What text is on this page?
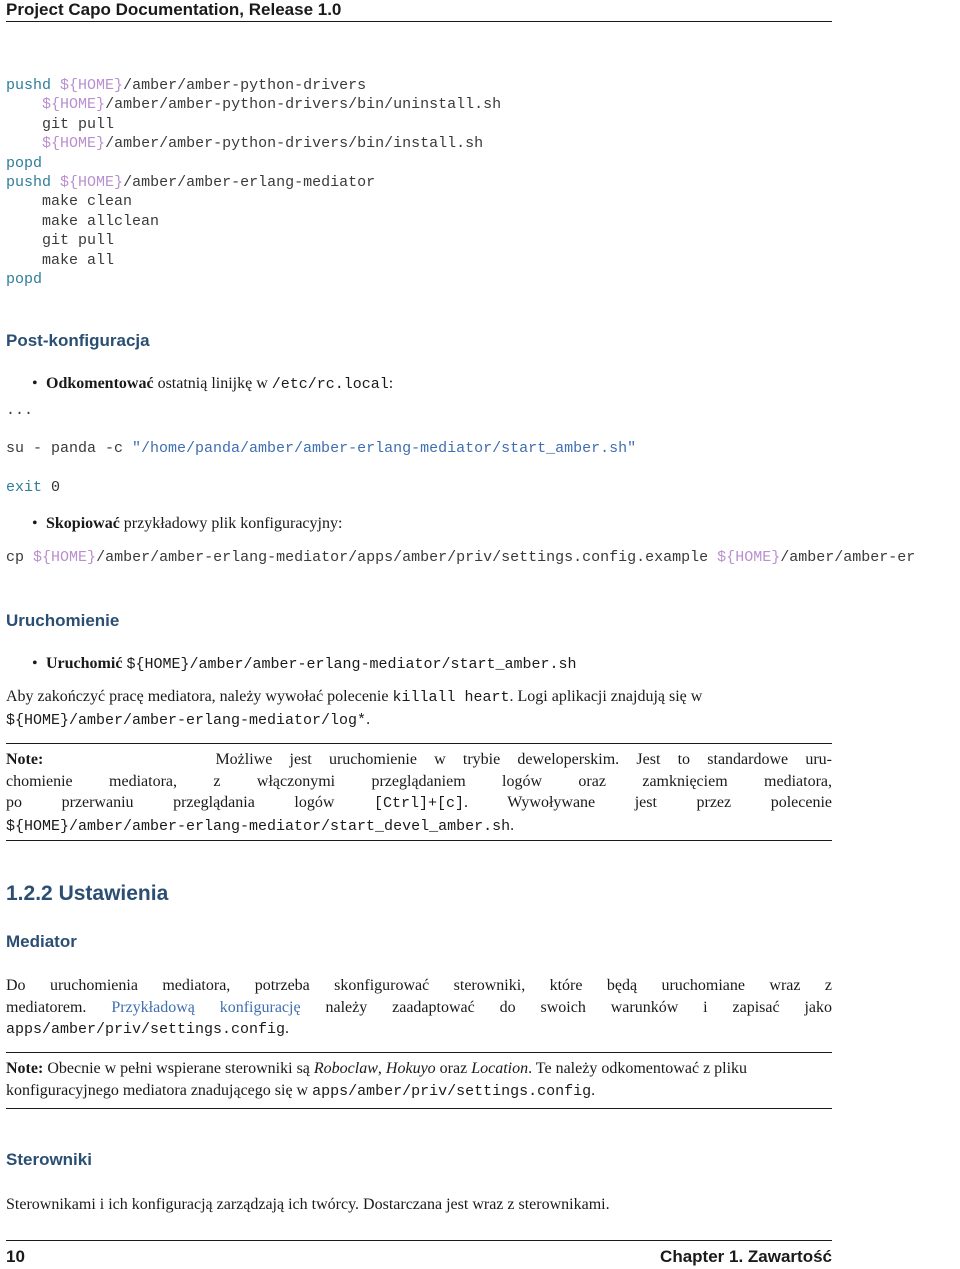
Project Capo Documentation, Release 1.0
pushd ${HOME}/amber/amber-python-drivers
${HOME}/amber/amber-python-drivers/bin/uninstall.sh
git pull
${HOME}/amber/amber-python-drivers/bin/install.sh
popd
pushd ${HOME}/amber/amber-erlang-mediator
make clean
make allclean
git pull
make all
popd
Post-konfiguracja
• Odkomentować ostatnią linijkę w /etc/rc.local:
...
su - panda -c "/home/panda/amber/amber-erlang-mediator/start_amber.sh"
exit 0
• Skopiować przykładowy plik konfiguracyjny:
cp ${HOME}/amber/amber-erlang-mediator/apps/amber/priv/settings.config.example ${HOME}/amber/amber-er
Uruchomienie
• Uruchomić ${HOME}/amber/amber-erlang-mediator/start_amber.sh
Aby zakończyć pracę mediatora, należy wywołać polecenie killall heart. Logi aplikacji znajdują się w
${HOME}/amber/amber-erlang-mediator/log*.
Note:	Możliwe jest uruchomienie w trybie deweloperskim. Jest to standardowe uru-
chomienie mediatora, z włączonymi przeglądaniem logów oraz zamknięciem mediatora,
po przerwaniu przeglądania logów [Ctrl]+[c]. Wywoływane jest przez polecenie
${HOME}/amber/amber-erlang-mediator/start_devel_amber.sh.
1.2.2 Ustawienia
Mediator
Do uruchomienia mediatora, potrzeba skonfigurować sterowniki, które będą uruchomiane wraz z
mediatorem. Przykładową konfigurację należy zaadaptować do swoich warunków i zapisać jako
apps/amber/priv/settings.config.
Note: Obecnie w pełni wspierane sterowniki są Roboclaw, Hokuyo oraz Location. Te należy odkomentować z pliku
konfiguracyjnego mediatora znadującego się w apps/amber/priv/settings.config.
Sterowniki
Sterownikami i ich konfiguracją zarządzają ich twórcy. Dostarczana jest wraz z sterownikami.
10	Chapter 1. Zawartość
